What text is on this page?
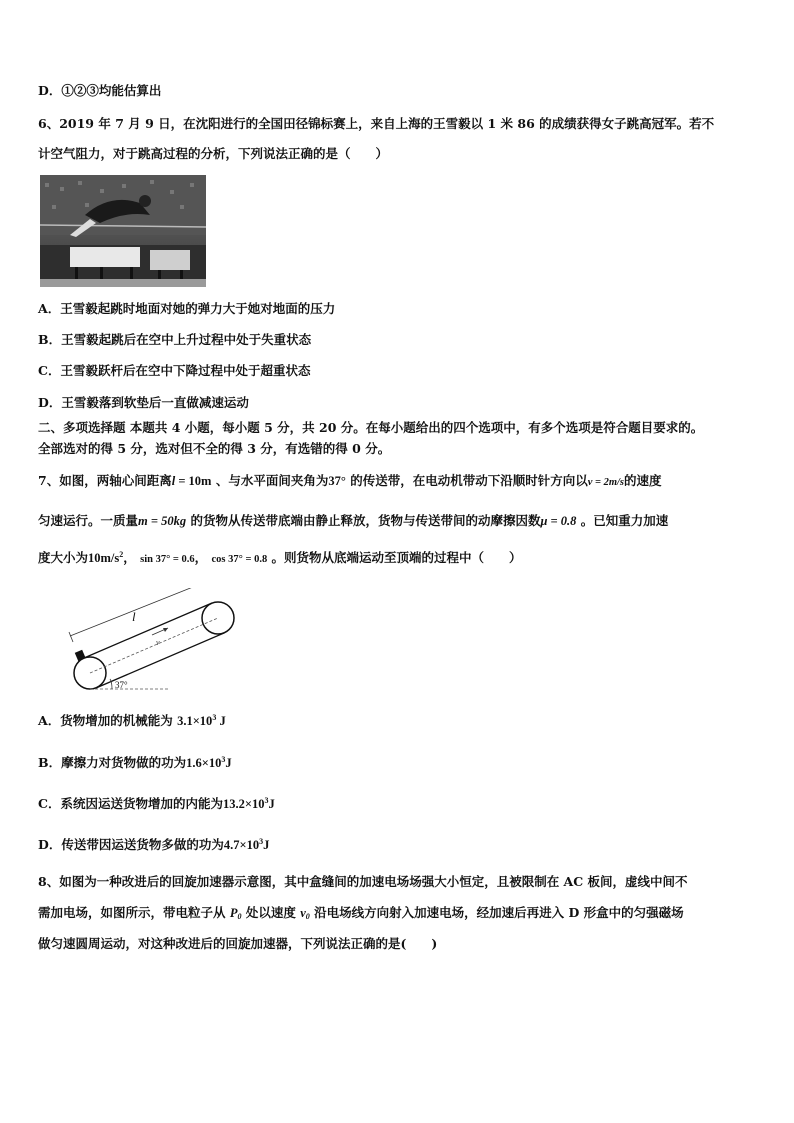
D．①②③均能估算出
6、2019 年 7 月 9 日，在沈阳进行的全国田径锦标赛上，来自上海的王雪毅以 1 米 86 的成绩获得女子跳高冠军。若不
计空气阻力，对于跳高过程的分析，下列说法正确的是（　　）
A．王雪毅起跳时地面对她的弹力大于她对地面的压力
B．王雪毅起跳后在空中上升过程中处于失重状态
C．王雪毅跃杆后在空中下降过程中处于超重状态
D．王雪毅落到软垫后一直做减速运动
二、多项选择题 本题共 4 小题，每小题 5 分，共 20 分。在每小题给出的四个选项中，有多个选项是符合题目要求的。
全部选对的得 5 分，选对但不全的得 3 分，有选错的得 0 分。
7、如图，两轴心间距离l = 10m 、与水平面间夹角为37° 的传送带，在电动机带动下沿顺时针方向以v = 2m/s的速度
匀速运行。一质量m = 50kg 的货物从传送带底端由静止释放，货物与传送带间的动摩擦因数μ = 0.8 。已知重力加速
度大小为$10m/s^2$， sin 37° = 0.6， cos 37° = 0.8 。则货物从底端运动至顶端的过程中（　　）
l
v
37°
A．货物增加的机械能为 $3.1\times 10^3$ J
B．摩擦力对货物做的功为$1.6\times 10^3J$
C．系统因运送货物增加的内能为$13.2\times 10^3J$
D．传送带因运送货物多做的功为$4.7\times 10^3J$
8、如图为一种改进后的回旋加速器示意图，其中盒缝间的加速电场场强大小恒定，且被限制在 AC 板间，虚线中间不
需加电场，如图所示，带电粒子从 $P_0$ 处以速度 $v_0$ 沿电场线方向射入加速电场，经加速后再进入 D 形盒中的匀强磁场
做匀速圆周运动，对这种改进后的回旋加速器，下列说法正确的是(　　)
